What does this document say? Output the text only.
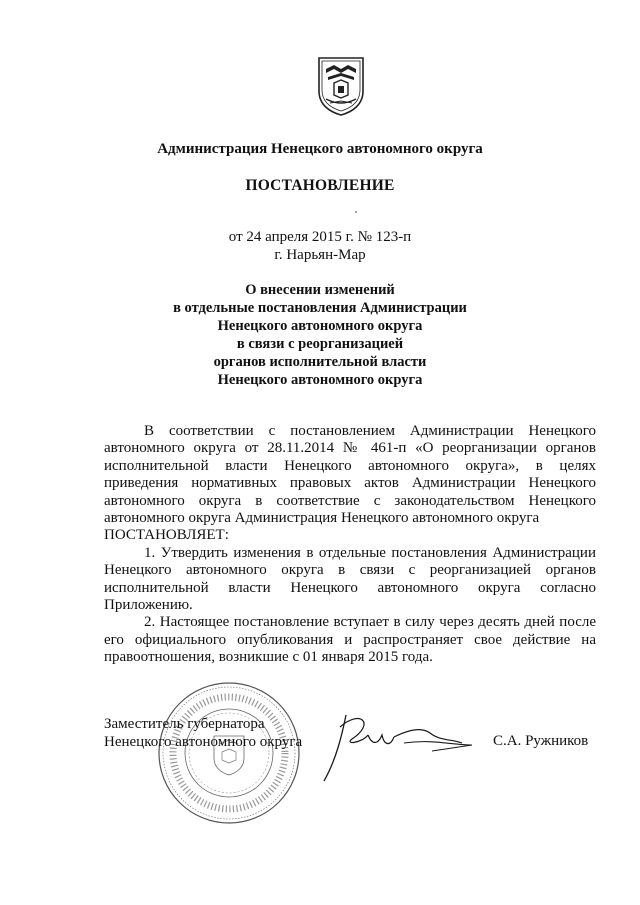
Администрация Ненецкого автономного округа
ПОСТАНОВЛЕНИЕ
от 24 апреля 2015 г. № 123-п
г. Нарьян-Мар
О внесении изменений
в отдельные постановления Администрации
Ненецкого автономного округа
в связи с реорганизацией
органов исполнительной власти
Ненецкого автономного округа

В соответствии с постановлением Администрации Ненецкого автономного округа от 28.11.2014 № 461-п «О реорганизации органов исполнительной власти Ненецкого автономного округа», в целях приведения нормативных правовых актов Администрации Ненецкого автономного округа в соответствие с законодательством Ненецкого автономного округа Администрация Ненецкого автономного округа

ПОСТАНОВЛЯЕТ:

1. Утвердить изменения в отдельные постановления Администрации Ненецкого автономного округа в связи с реорганизацией органов исполнительной власти Ненецкого автономного округа согласно Приложению.

2. Настоящее постановление вступает в силу через десять дней после его официального опубликования и распространяет свое действие на правоотношения, возникшие с 01 января 2015 года.

Заместитель губернатора
Ненецкого автономного округа	С.А. Ружников
